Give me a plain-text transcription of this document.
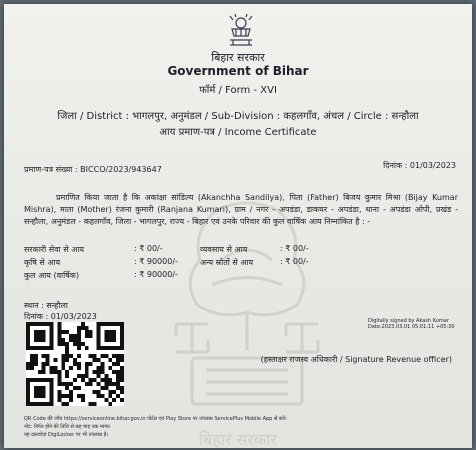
बिहार सरकार
बिहार सरकार
Government of Bihar
फॉर्म / Form - XVI
जिला / District : भागलपुर, अनुमंडल / Sub-Division : कहलगाँव, अंचल / Circle : सन्हौला
आय प्रमाण-पत्र / Income Certificate
प्रमाण-पत्र संख्या : BICCO/2023/943647	दिनांक : 01/03/2023
प्रमाणित किया जाता है कि अकांक्षा सांडिल्य (Akanchha Sandilya), पिता (Father) बिजय कुमार मिश्रा (Bijay Kumar Mishra), माता (Mother) रंजना कुमारी (Ranjana Kumari), ग्राम / नगर - अपडंडा, डाकघर - अपडंडा, थाना - अपडंडा ओपी, प्रखंड - सन्हौला, अनुमंडल - कहलगाँव, जिला - भागलपुर, राज्य - बिहार एवं उनके परिवार की कुल वार्षिक आय निम्नांकित है : -
सरकारी सेवा से आय	: ₹ 00/-	व्यवसाय से आय	: ₹ 00/-
कृषि से आय	: ₹ 90000/-	अन्य स्रोतों से आय	: ₹ 00/-
कुल आय (वार्षिक)	: ₹ 90000/-
स्थान : सन्हौला
दिनांक : 01/03/2023	Digitally signed by Akash Kumar
Date:2023.03.01 05:01:11 +05:30
(हस्ताक्षर राजस्व अधिकारी / Signature Revenue officer)
QR Code की जाँच https://serviceonline.bihar.gov.in पोर्टल एवं Play Store पर उपलब्ध ServicePlus Mobile App से करें।
नोट: निर्गत होने की तिथि से छह माह तक मान्य।
यह दस्तावेज़ DigiLocker पर भी उपलब्ध है।
